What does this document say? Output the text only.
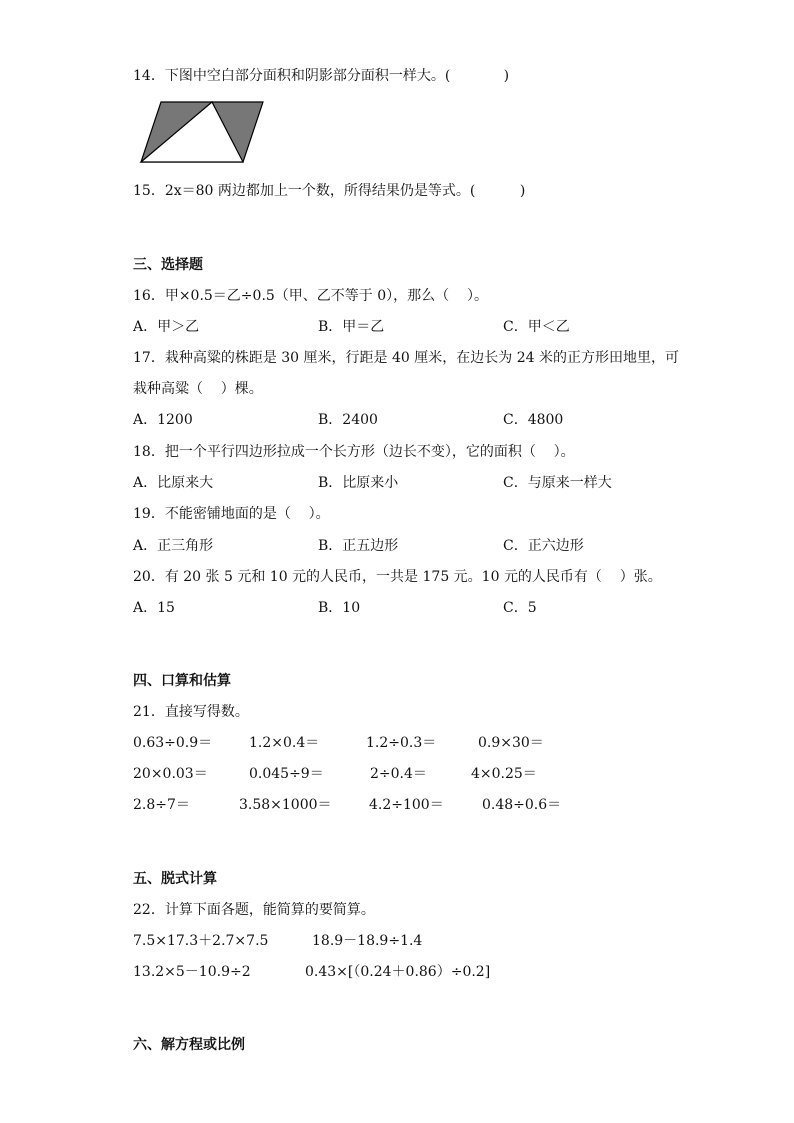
14．下图中空白部分面积和阴影部分面积一样大。(            )
15．2x＝80 两边都加上一个数，所得结果仍是等式。(          )
三、选择题
16．甲×0.5＝乙÷0.5（甲、乙不等于 0），那么（    ）。
A．甲＞乙	B．甲＝乙	C．甲＜乙
17．栽种高粱的株距是 30 厘米，行距是 40 厘米，在边长为 24 米的正方形田地里，可
栽种高粱（    ）棵。
A．1200	B．2400	C．4800
18．把一个平行四边形拉成一个长方形（边长不变），它的面积（    ）。
A．比原来大	B．比原来小	C．与原来一样大
19．不能密铺地面的是（    ）。
A．正三角形	B．正五边形	C．正六边形
20．有 20 张 5 元和 10 元的人民币，一共是 175 元。10 元的人民币有（    ）张。
A．15	B．10	C．5
四、口算和估算
21．直接写得数。
0.63÷0.9＝	1.2×0.4＝	1.2÷0.3＝	0.9×30＝
20×0.03＝	0.045÷9＝	2÷0.4＝	4×0.25＝
2.8÷7＝	3.58×1000＝	4.2÷100＝	0.48÷0.6＝
五、脱式计算
22．计算下面各题，能简算的要简算。
7.5×17.3＋2.7×7.5	18.9－18.9÷1.4
13.2×5－10.9÷2	0.43×[（0.24＋0.86）÷0.2]
六、解方程或比例
